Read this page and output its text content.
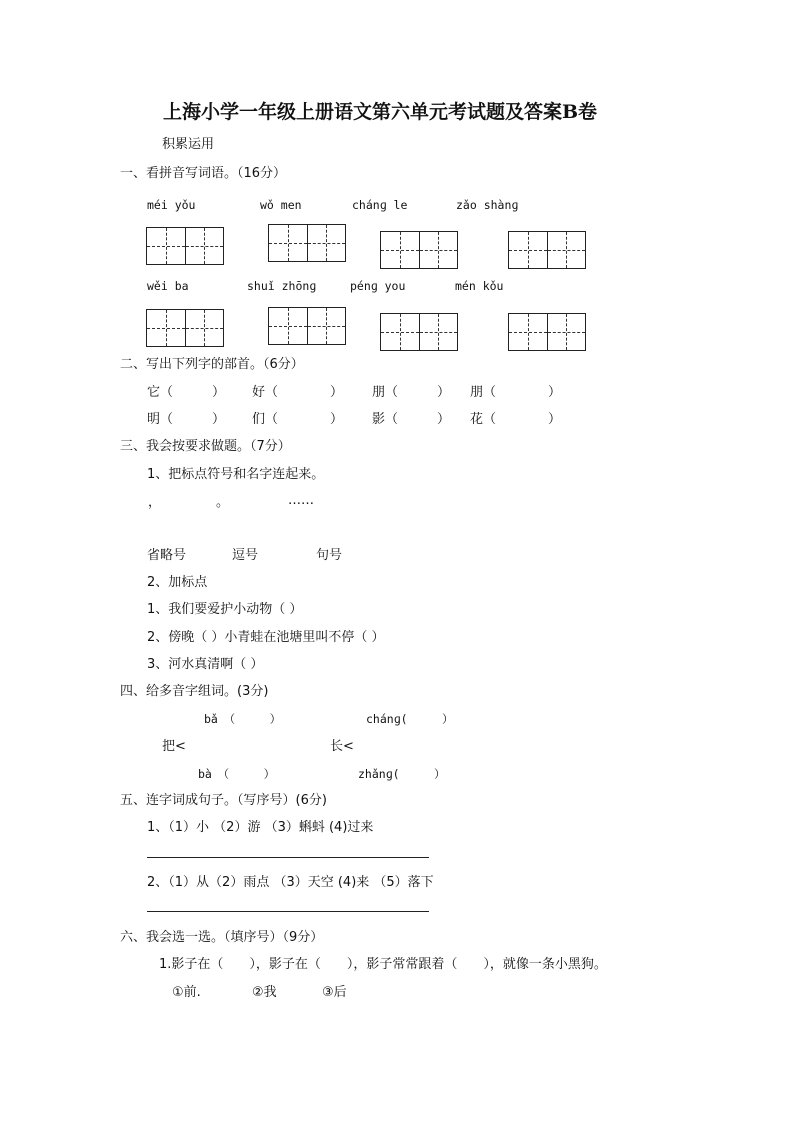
上海小学一年级上册语文第六单元考试题及答案B卷
积累运用
一、看拼音写词语。（16分）
méi yǒu	wǒ men	chánɡ le	zǎo shànɡ
wěi ba	shuǐ zhōnɡ	pénɡ you	mén kǒu
二、写出下列字的部首。（6分）
它（　　　） 好（　　　　） 朋（　　　） 朋（　　　　）
明（　　　） 们（　　　　） 影（　　　） 花（　　　　）
三、我会按要求做题。（7分）
1、把标点符号和名字连起来。
，	。	……
省略号	逗号	句号
2、加标点
1、我们要爱护小动物（ ）
2、傍晚（ ）小青蛙在池塘里叫不停（ ）
3、河水真清啊（ ）
四、给多音字组词。(3分)
bǎ　（　　　）	chánɡ(　　　）
把<	长<
bà　（　　　）	zhǎnɡ(　　　）
五、连字词成句子。（写序号）(6分)
1、（1）小 （2）游 （3）蝌蚪 (4)过来
2、（1）从（2）雨点 （3）天空 (4)来 （5）落下
六、我会选一选。（填序号）（9分）
1.影子在（　　），影子在（　　），影子常常跟着（　　），就像一条小黑狗。
①前.	②我	③后
